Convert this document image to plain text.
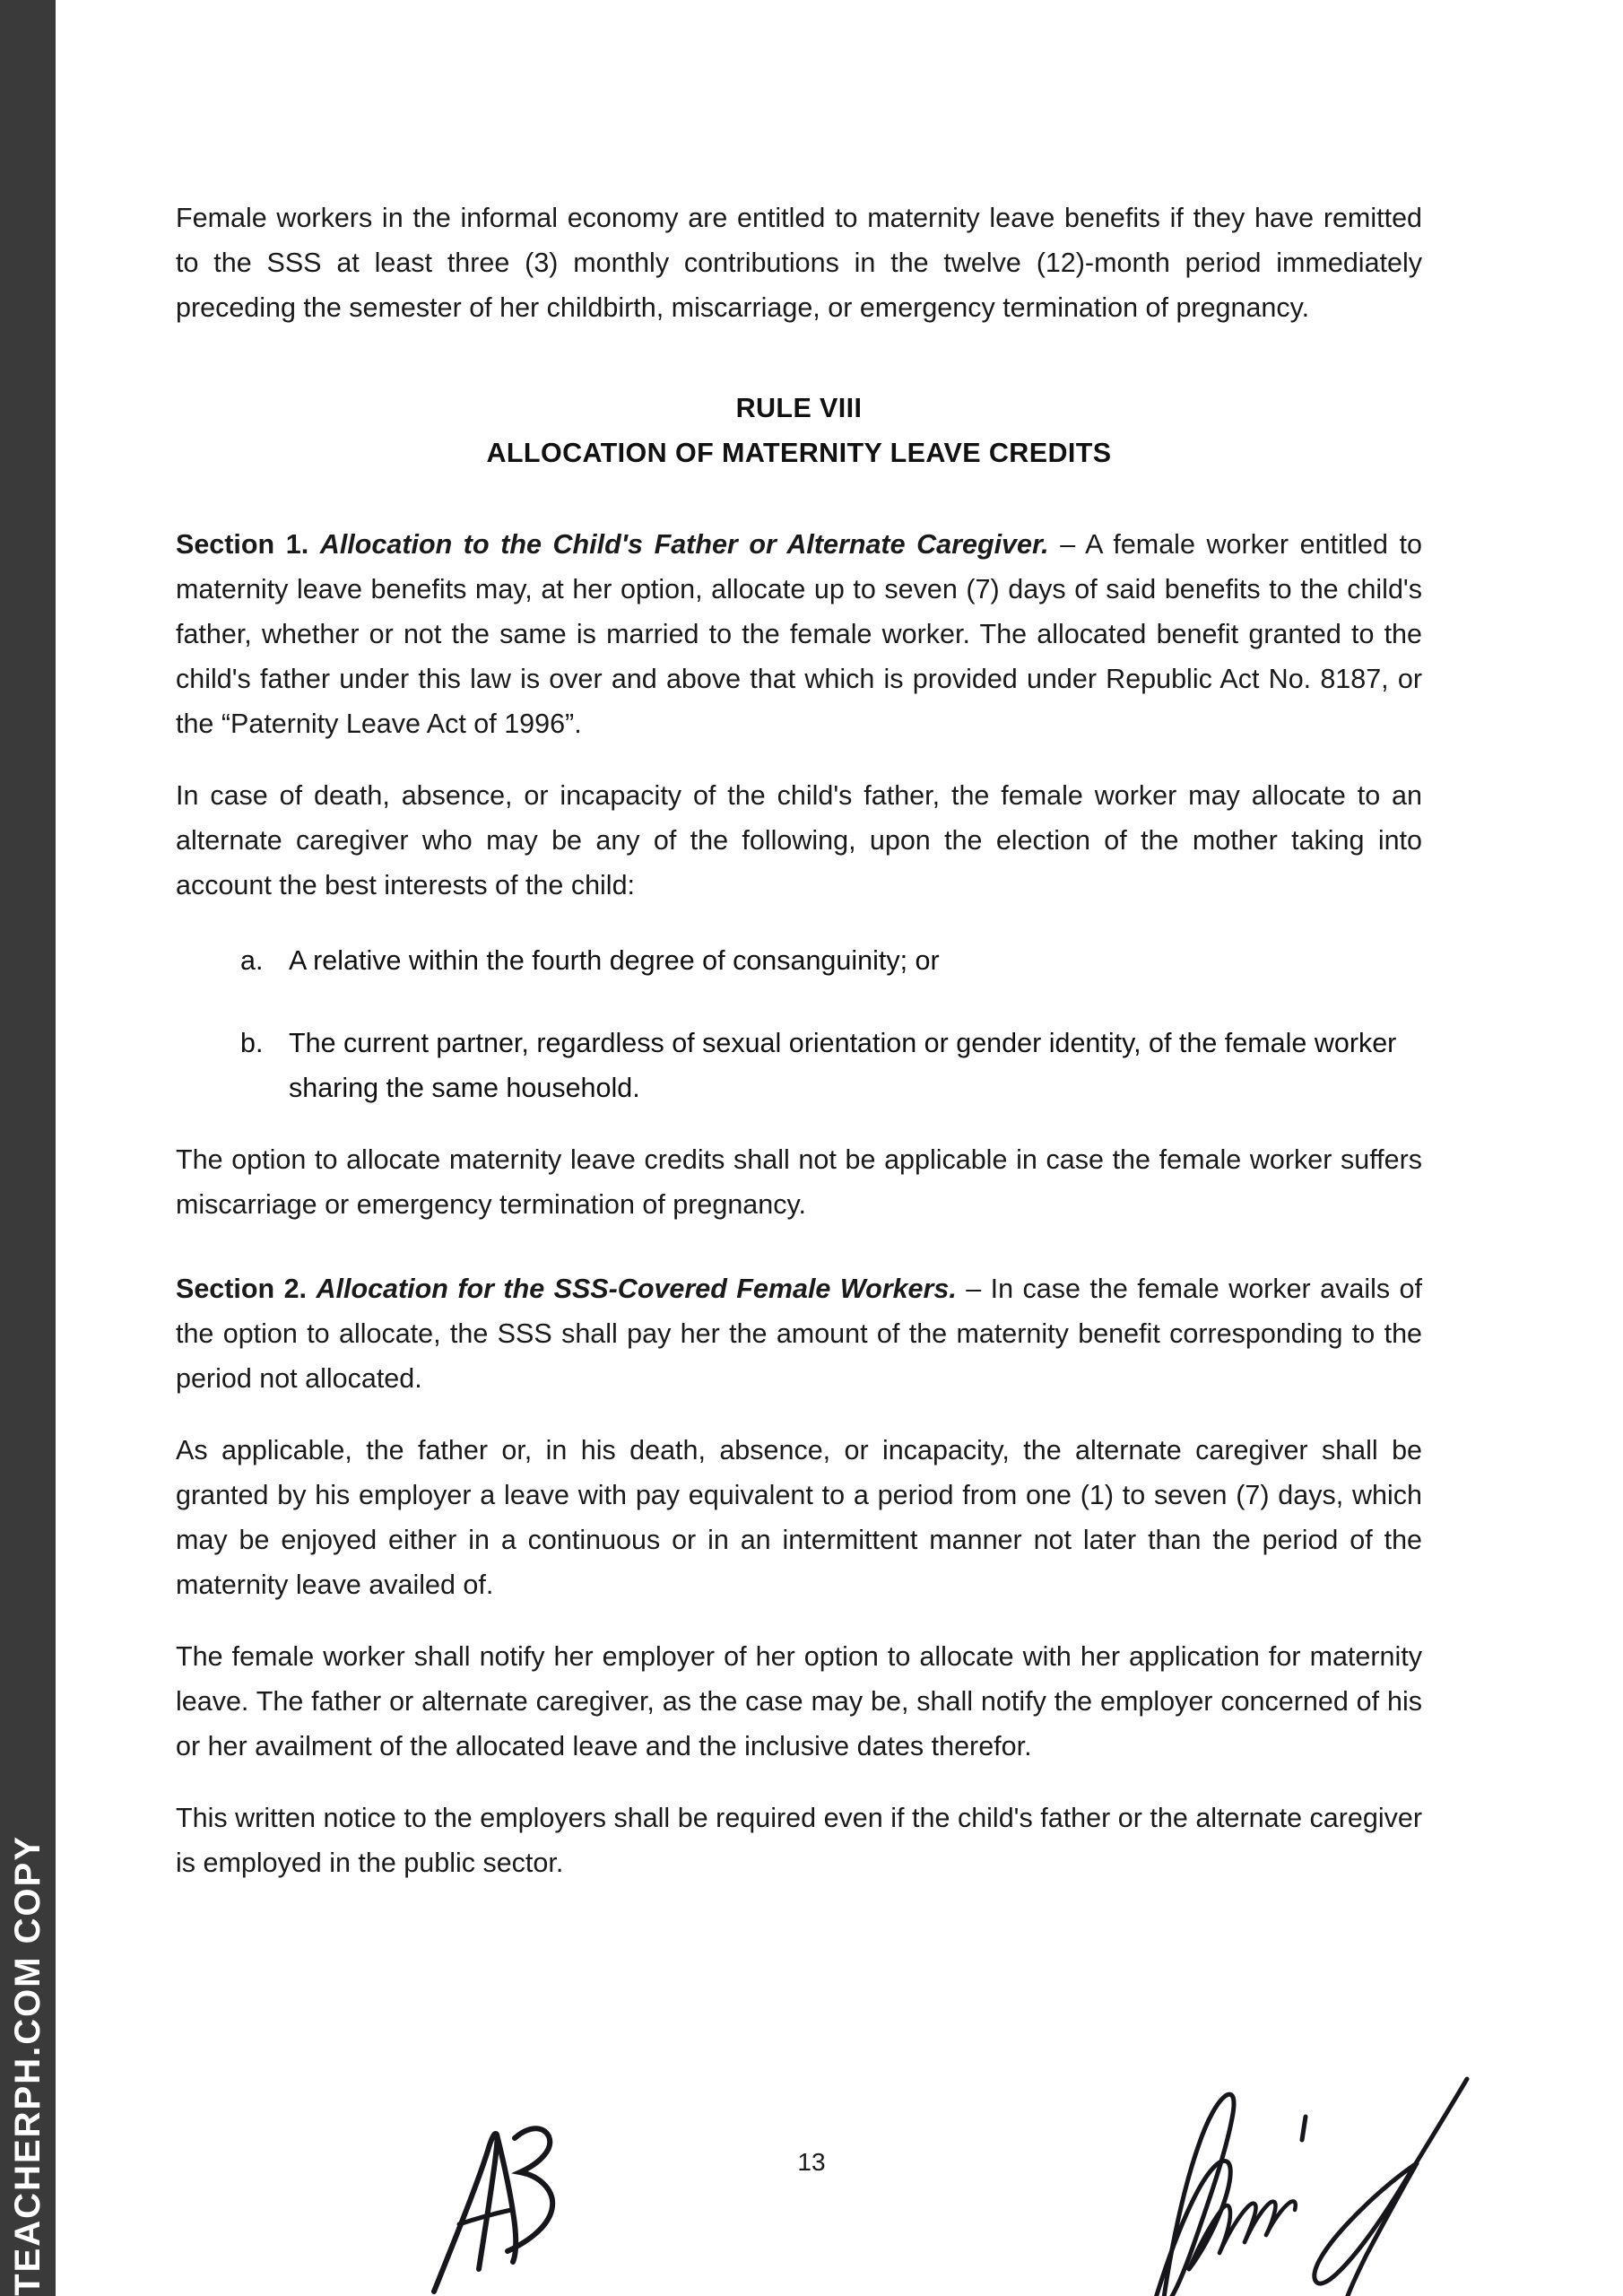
TEACHERPH.COM COPY

Female workers in the informal economy are entitled to maternity leave benefits if they have remitted to the SSS at least three (3) monthly contributions in the twelve (12)-month period immediately preceding the semester of her childbirth, miscarriage, or emergency termination of pregnancy.

RULE VIII
ALLOCATION OF MATERNITY LEAVE CREDITS

Section 1. Allocation to the Child's Father or Alternate Caregiver. – A female worker entitled to maternity leave benefits may, at her option, allocate up to seven (7) days of said benefits to the child's father, whether or not the same is married to the female worker. The allocated benefit granted to the child's father under this law is over and above that which is provided under Republic Act No. 8187, or the “Paternity Leave Act of 1996”.

In case of death, absence, or incapacity of the child's father, the female worker may allocate to an alternate caregiver who may be any of the following, upon the election of the mother taking into account the best interests of the child:

a. A relative within the fourth degree of consanguinity; or
b. The current partner, regardless of sexual orientation or gender identity, of the female worker sharing the same household.

The option to allocate maternity leave credits shall not be applicable in case the female worker suffers miscarriage or emergency termination of pregnancy.

Section 2. Allocation for the SSS-Covered Female Workers. – In case the female worker avails of the option to allocate, the SSS shall pay her the amount of the maternity benefit corresponding to the period not allocated.

As applicable, the father or, in his death, absence, or incapacity, the alternate caregiver shall be granted by his employer a leave with pay equivalent to a period from one (1) to seven (7) days, which may be enjoyed either in a continuous or in an intermittent manner not later than the period of the maternity leave availed of.

The female worker shall notify her employer of her option to allocate with her application for maternity leave. The father or alternate caregiver, as the case may be, shall notify the employer concerned of his or her availment of the allocated leave and the inclusive dates therefor.

This written notice to the employers shall be required even if the child's father or the alternate caregiver is employed in the public sector.

13
